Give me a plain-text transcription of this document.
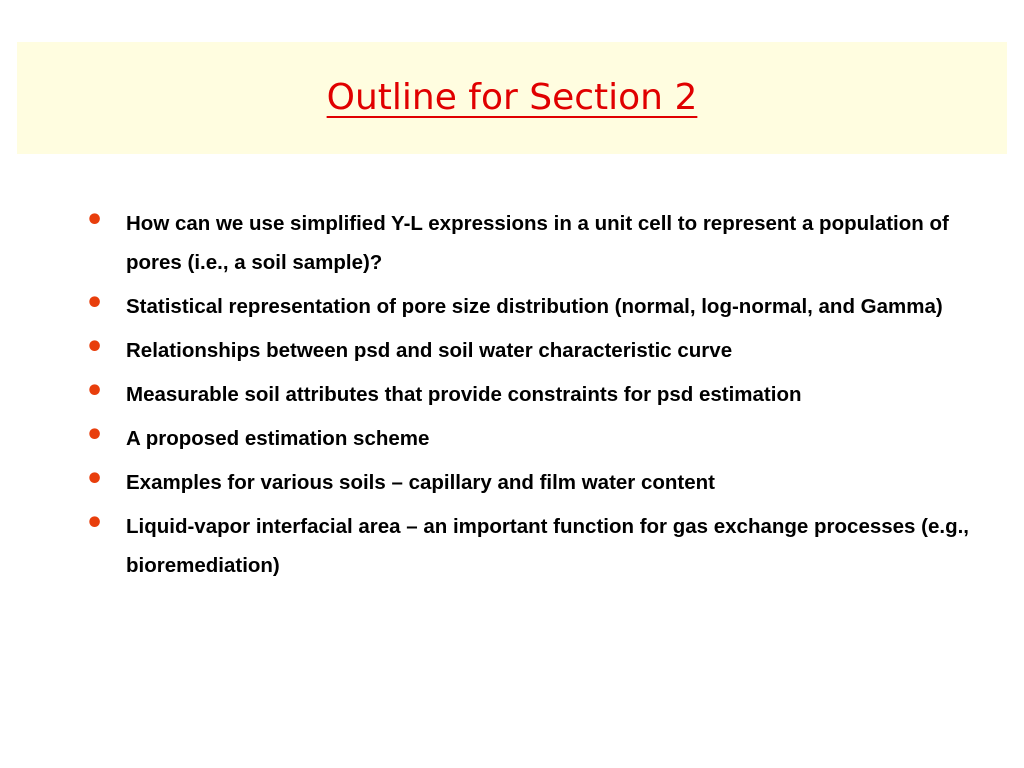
Outline for Section 2
• How can we use simplified Y-L expressions in a unit cell to represent a population of pores (i.e., a soil sample)?
• Statistical representation of pore size distribution (normal, log-normal, and Gamma)
• Relationships between psd and soil water characteristic curve
• Measurable soil attributes that provide constraints for psd estimation
• A proposed estimation scheme
• Examples for various soils – capillary and film water content
• Liquid-vapor interfacial area – an important function for gas exchange processes (e.g., bioremediation)
